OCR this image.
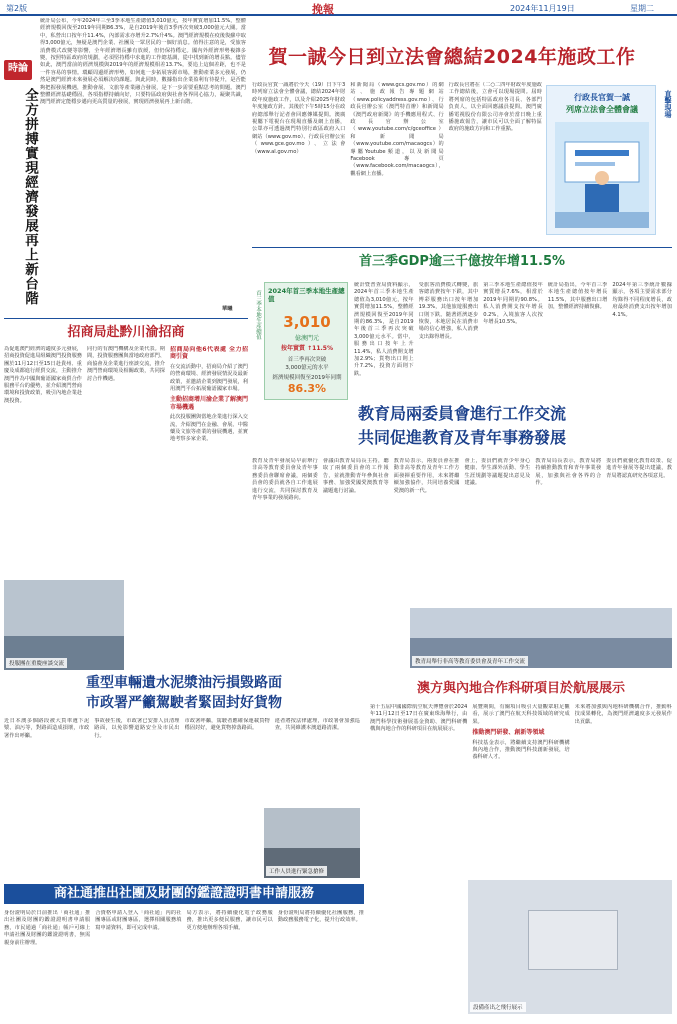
第2版	挽報	2024年11月19日	星期二
時論
全方拼搏實現經濟發展再上新台階
統計局公布，今年2024年三至3季本地生產總值3,010億元，按年實質增加11.5%，整體經濟規模回復至2019年同期86.3%，是自2019年後首3季再次突破3,000億元大關。當中，私營出口按年升11.4%，內部需求亦增升2.7%升4%。澳門經濟規模在疫後復蘇中取得3,000億元，無疑是澳門企業、社團及一眾居民的一個好消息。值得注意的是，受旅客消費模式改變等影響，全年經濟增長雖有放緩，但仍保持穩定。國內外經濟形勢複雜多變，按照特區政府的規劃，必須堅持穩中求進的工作總基調，從中找到新的增長點。儘管如此，澳門當前的經濟規模與2019年的經濟規模相差13.7%，要追上這個差距，也不是一件容易的事情。環顧周邊經濟形勢，如何進一步拓展客源市場，推動產業多元發展，仍然是澳門經濟未來發展必須解決的課題。與此同時，數據指出企業盈利有待提升，是否能夠把握發展機遇，推動會展、文旅等產業融合發展，是下一步需要重點思考的問題。澳門整體經濟基礎穩固，各項指標持續向好，只要特區政府與社會各界同心協力，凝聚共識，澳門經濟定能穩步邁向更高質量的發展，實現經濟發展再上新台階。
華曦
賀一誠今日到立法會總結2024年施政工作
行政長官賀一誠將於今天（19）日下午3時列席立法會全體會議，總結2024年財政年度施政工作，以及介紹2025年財政年度施政方針。其後於下午5時15分在政府總部舉行記者會回應傳媒提問。澳廣視屬下電視台在現場直播及網上直播，公眾亦可透過澳門特別行政區政府入口網站（www.gov.mo）、行政長官辦公室（www.gce.gov.mo）、立法會（www.al.gov.mo）
和新聞局（www.gcs.gov.mo）的網站、施政報告專題網站（www.policyaddress.gov.mo）、行政長官辦公室（澳門特首辦）和新聞局《澳門政府新聞》的手機應用程式、行政長官辦公室（www.youtube.com/c/gceoffice）和新聞局（www.youtube.com/macaogcs）的專屬Youtube頻道，以及新聞局Facebook專頁（www.facebook.com/macaogcs），觀看網上直播。
行政長官將在（二○二四年財政年度施政工作總結後，立會可以現場提問。屆時將列席的包括特區政府各司長、各部門負責人，以全面回應議員提問。澳門廣播電視股份有限公司亦會於當日晚上重播施政報告，讓市民可以全面了解特區政府的施政方向和工作重點。
行政長官賀一誠
列席立法會全體會議	直擊現場
首三季GDP逾三千億按年增11.5%
首三季本地生產總值 2024年首三季本地生產總值
3,010
億澳門元
按年實質 ↑11.5%
首三季再次突破
3,000億元的水平
經濟規模回復至2019年同期
86.3%
統計暨普查局資料顯示，2024年首三季本地生產總值為3,010億元，按年實質增加11.5%，整體經濟規模回復至2019年同期的86.3%，是自2019年後首三季再次突破3,000億元水平。當中，服務出口按年上升11.4%，私人消費開支增加2.9%；貨物出口則上升7.2%，投資方面則下跌。
受旅客消費模式轉變，旅客總消費按年下跌，其中博彩服務出口按年增加19.3%，其他旅遊服務出口則下跌。隨著經濟逐步恢復，本地居民在消費市場的信心增強，私人消費支出錄得增長。
第三季本地生產總值按年實質增長7.6%，相當於2019年同期的90.8%。私人消費開支按年增長0.2%，入境旅客人次按年增長10.5%。
統計局指出，今年首三季本地生產總值按年增長11.5%，其中服務出口增加，整體經濟持續復蘇。
2024年第三季統計數據顯示，各項主要需求部分均錄得不同程度增長，政府最終消費支出按年增加4.1%。
招商局赴黔川渝招商
為促進澳門經濟的適度多元發展，招商投資促進局組織澳門投資服務團於11月12日至15日赴貴州、重慶及成都進行經貿交流，主動推介澳門作為中國與葡語國家商貿合作服務平台的優勢，並介紹澳門營商環境和投資政策，吸引內地企業赴澳投資。
同行的有澳門機構及企業代表。期間，投資服務團與當地政府部門、商協會及企業進行座談交流，推介澳門營商環境及相關政策，共同探討合作機遇。
招商局向他6代表處 全力招商引資
在交流活動中，招商局介紹了澳門的營商環境、經濟發展情況及最新政策，並邀請企業到澳門發展，利用澳門平台拓展葡語國家市場。
主動招商增川渝企業了解澳門市場機遇
此次投服團與當地企業進行深入交流，介紹澳門在金融、會展、中醫藥及文旅等產業的發展機遇，並實地考察多家企業。
投服團在重慶座談交流
教育局兩委員會進行工作交流
共同促進教育及青年事務發展
教育及青年發展局早前舉行非高等教育委員會及青年事務委員會聯席會議，兩個委員會的委員就各自工作進展進行交流，共同探討教育及青年事業的發展路向。
會議由教青局局長主持，聽取了兩個委員會的工作報告，並就推動青年參與社會事務、加強愛國愛澳教育等議題進行討論。
教青局表示，兩委員會在推動非高等教育及青年工作方面發揮重要作用，未來將繼續加強協作，共同培養愛國愛澳的新一代。
會上，委員們就青少年身心健康、學生課外活動、學生生涯規劃等議題提出意見及建議。
教青局局長表示，教青局將持續推動教育和青年事業發展，加強與社會各界的合作。
委員們就優化教育政策、促進青年發展等提出建議，教青局將認真研究各項意見。
教青局舉行非高等教育委員會及青年工作交流
重型車輛遺水泥漿油污損毀路面
市政署严籲駕駛者緊固封好貨物
近日本澳多個路段被大貨車遺下泥漿、油污等，對路面造成損壞，市政署作出呼籲。
事故發生後，市政署已安排人員清理路面，以免影響道路安全及市民出行。
市政署呼籲，駕駛者應確保運載貨物穩固封好，避免貨物掉落路面。
違者將按法律處理，市政署會加強巡查，共同維護本澳道路清潔。
工作人員進行緊急搶修
澳方與內地合作科研項目於航展展示
第十五屆中國國際航空航天博覽會於2024年11月12日至17日在廣東珠海舉行，由澳門科學技術發展基金資助、澳門科研機構與內地合作的科研項目在航展展示。
展覽期間，有關項目吸引大量觀眾駐足觀看，展示了澳門在航天科技領域的研究成果。
推動澳門研發、創新等領域
科技基金表示，將繼續支持澳門科研機構與內地合作，推動澳門科技創新發展，培養科研人才。
未來將加強與內地科研機構合作，推動科技成果轉化，為澳門經濟適度多元發展作出貢獻。
設備產出之飛行展示
商社通推出社團及財團的鑑證證明書申請服務
身份證明局於日前推出「商社通」推出社團及財團的鑑證證明書申請服務，市民通過「商社通」帳戶可線上申請社團及財團的鑑證證明書，無需親身前往辦理。
合資格申請人登入「商社通」內的社團專區或財團專區，選擇相關服務填寫申請資料，即可完成申請。
局方表示，將持續優化電子政務服務，推出更多便民服務，讓市民可以更方便地辦理各項手續。
身份證明局將持續優化社團服務，推動政務服務電子化，提升行政效率。
